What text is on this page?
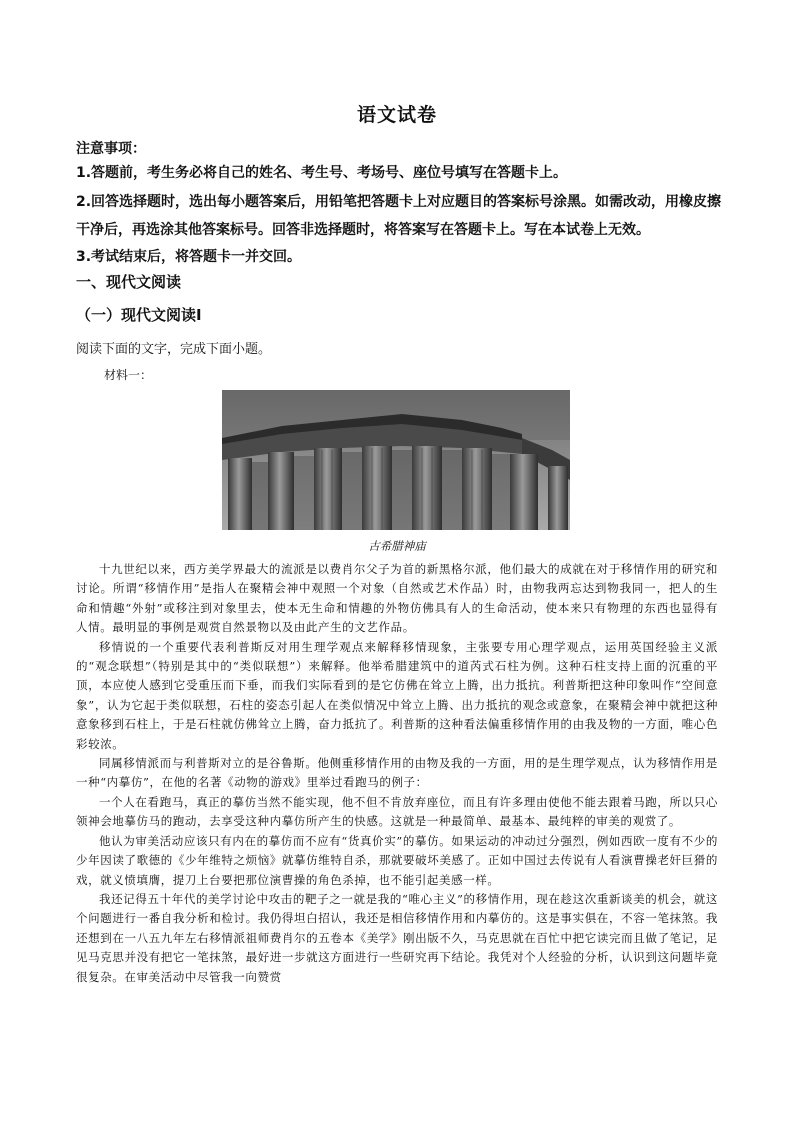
语文试卷
注意事项：
1.答题前，考生务必将自己的姓名、考生号、考场号、座位号填写在答题卡上。
2.回答选择题时，选出每小题答案后，用铅笔把答题卡上对应题目的答案标号涂黑。如需改动，用橡皮擦干净后，再选涂其他答案标号。回答非选择题时，将答案写在答题卡上。写在本试卷上无效。
3.考试结束后，将答题卡一并交回。
一、现代文阅读
（一）现代文阅读Ⅰ
阅读下面的文字，完成下面小题。
材料一：
古希腊神庙

十九世纪以来，西方美学界最大的流派是以费肖尔父子为首的新黑格尔派，他们最大的成就在对于移情作用的研究和讨论。所谓“移情作用”是指人在聚精会神中观照一个对象（自然或艺术作品）时，由物我两忘达到物我同一，把人的生命和情趣“外射”或移注到对象里去，使本无生命和情趣的外物仿佛具有人的生命活动，使本来只有物理的东西也显得有人情。最明显的事例是观赏自然景物以及由此产生的文艺作品。

移情说的一个重要代表利普斯反对用生理学观点来解释移情现象，主张要专用心理学观点，运用英国经验主义派的“观念联想”（特别是其中的“类似联想”）来解释。他举希腊建筑中的道芮式石柱为例。这种石柱支持上面的沉重的平顶，本应使人感到它受重压而下垂，而我们实际看到的是它仿佛在耸立上腾，出力抵抗。利普斯把这种印象叫作“空间意象”，认为它起于类似联想，石柱的姿态引起人在类似情况中耸立上腾、出力抵抗的观念或意象，在聚精会神中就把这种意象移到石柱上，于是石柱就仿佛耸立上腾，奋力抵抗了。利普斯的这种看法偏重移情作用的由我及物的一方面，唯心色彩较浓。

同属移情派而与利普斯对立的是谷鲁斯。他侧重移情作用的由物及我的一方面，用的是生理学观点，认为移情作用是一种“内摹仿”，在他的名著《动物的游戏》里举过看跑马的例子：

一个人在看跑马，真正的摹仿当然不能实现，他不但不肯放弃座位，而且有许多理由使他不能去跟着马跑，所以只心领神会地摹仿马的跑动，去享受这种内摹仿所产生的快感。这就是一种最简单、最基本、最纯粹的审美的观赏了。

他认为审美活动应该只有内在的摹仿而不应有“货真价实”的摹仿。如果运动的冲动过分强烈，例如西欧一度有不少的少年因读了歌德的《少年维特之烦恼》就摹仿维特自杀，那就要破坏美感了。正如中国过去传说有人看演曹操老奸巨猾的戏，就义愤填膺，提刀上台要把那位演曹操的角色杀掉，也不能引起美感一样。

我还记得五十年代的美学讨论中攻击的靶子之一就是我的“唯心主义”的移情作用，现在趁这次重新谈美的机会，就这个问题进行一番自我分析和检讨。我仍得坦白招认，我还是相信移情作用和内摹仿的。这是事实俱在，不容一笔抹煞。我还想到在一八五九年左右移情派祖师费肖尔的五卷本《美学》刚出版不久，马克思就在百忙中把它读完而且做了笔记，足见马克思并没有把它一笔抹煞，最好进一步就这方面进行一些研究再下结论。我凭对个人经验的分析，认识到这问题毕竟很复杂。在审美活动中尽管我一向赞赏
